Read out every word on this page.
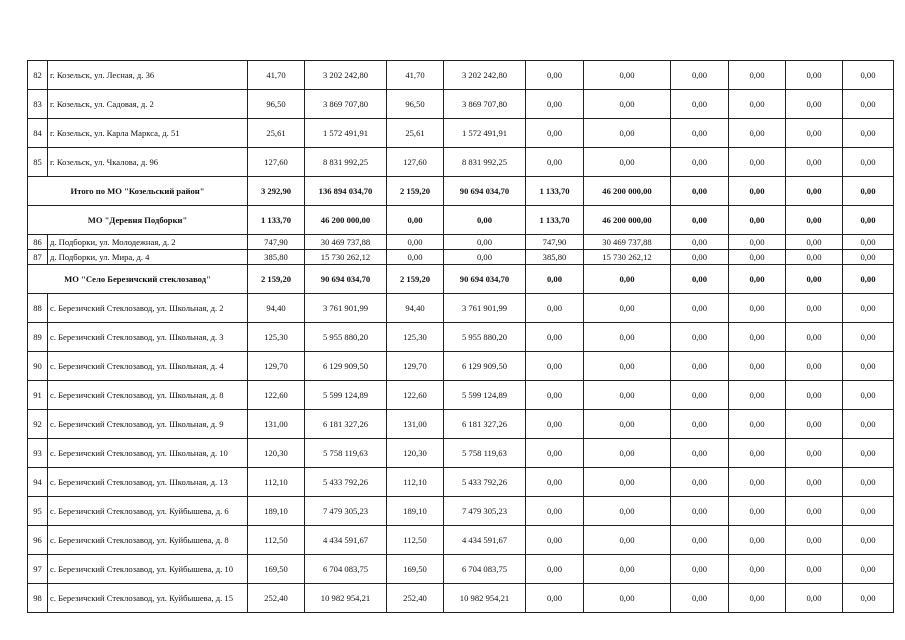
82	г. Козельск, ул. Лесная, д. 36	41,70	3 202 242,80	41,70	3 202 242,80	0,00	0,00	0,00	0,00	0,00	0,00
83	г. Козельск, ул. Садовая, д. 2	96,50	3 869 707,80	96,50	3 869 707,80	0,00	0,00	0,00	0,00	0,00	0,00
84	г. Козельск, ул. Карла Маркса, д. 51	25,61	1 572 491,91	25,61	1 572 491,91	0,00	0,00	0,00	0,00	0,00	0,00
85	г. Козельск, ул. Чкалова, д. 96	127,60	8 831 992,25	127,60	8 831 992,25	0,00	0,00	0,00	0,00	0,00	0,00
Итого по МО "Козельский район"		3 292,90	136 894 034,70	2 159,20	90 694 034,70	1 133,70	46 200 000,00	0,00	0,00	0,00	0,00
МО "Деревня Подборки"		1 133,70	46 200 000,00	0,00	0,00	1 133,70	46 200 000,00	0,00	0,00	0,00	0,00
86	д. Подборки, ул. Молодежная, д. 2	747,90	30 469 737,88	0,00	0,00	747,90	30 469 737,88	0,00	0,00	0,00	0,00
87	д. Подборки, ул. Мира, д. 4	385,80	15 730 262,12	0,00	0,00	385,80	15 730 262,12	0,00	0,00	0,00	0,00
МО "Село Березичский стеклозавод"		2 159,20	90 694 034,70	2 159,20	90 694 034,70	0,00	0,00	0,00	0,00	0,00	0,00
88	с. Березичский Стеклозавод, ул. Школьная, д. 2	94,40	3 761 901,99	94,40	3 761 901,99	0,00	0,00	0,00	0,00	0,00	0,00
89	с. Березичский Стеклозавод, ул. Школьная, д. 3	125,30	5 955 880,20	125,30	5 955 880,20	0,00	0,00	0,00	0,00	0,00	0,00
90	с. Березичский Стеклозавод, ул. Школьная, д. 4	129,70	6 129 909,50	129,70	6 129 909,50	0,00	0,00	0,00	0,00	0,00	0,00
91	с. Березичский Стеклозавод, ул. Школьная, д. 8	122,60	5 599 124,89	122,60	5 599 124,89	0,00	0,00	0,00	0,00	0,00	0,00
92	с. Березичский Стеклозавод, ул. Школьная, д. 9	131,00	6 181 327,26	131,00	6 181 327,26	0,00	0,00	0,00	0,00	0,00	0,00
93	с. Березичский Стеклозавод, ул. Школьная, д. 10	120,30	5 758 119,63	120,30	5 758 119,63	0,00	0,00	0,00	0,00	0,00	0,00
94	с. Березичский Стеклозавод, ул. Школьная, д. 13	112,10	5 433 792,26	112,10	5 433 792,26	0,00	0,00	0,00	0,00	0,00	0,00
95	с. Березичский Стеклозавод, ул. Куйбышева, д. 6	189,10	7 479 305,23	189,10	7 479 305,23	0,00	0,00	0,00	0,00	0,00	0,00
96	с. Березичский Стеклозавод, ул. Куйбышева, д. 8	112,50	4 434 591,67	112,50	4 434 591,67	0,00	0,00	0,00	0,00	0,00	0,00
97	с. Березичский Стеклозавод, ул. Куйбышева, д. 10	169,50	6 704 083,75	169,50	6 704 083,75	0,00	0,00	0,00	0,00	0,00	0,00
98	с. Березичский Стеклозавод, ул. Куйбышева, д. 15	252,40	10 982 954,21	252,40	10 982 954,21	0,00	0,00	0,00	0,00	0,00	0,00
